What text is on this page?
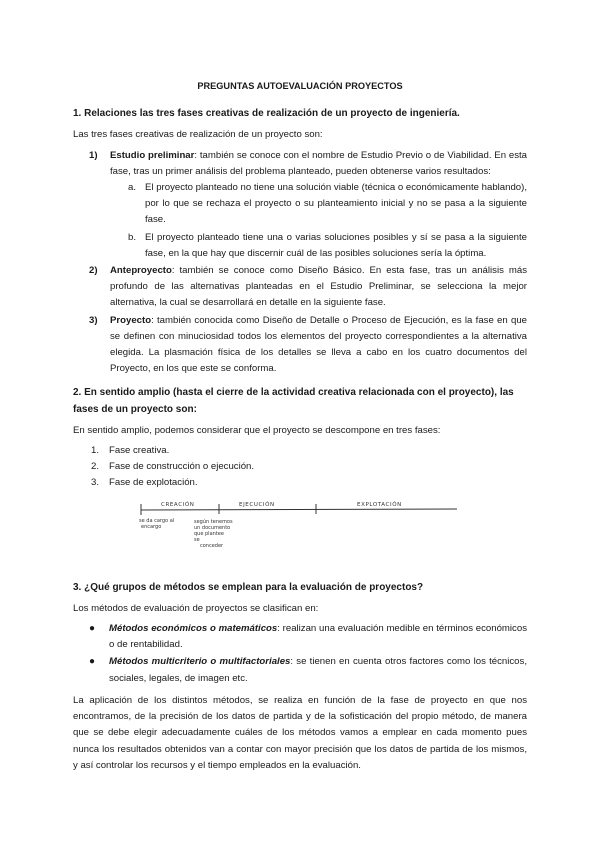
PREGUNTAS AUTOEVALUACIÓN PROYECTOS
1. Relaciones las tres fases creativas de realización de un proyecto de ingeniería.

Las tres fases creativas de realización de un proyecto son:

1) Estudio preliminar: también se conoce con el nombre de Estudio Previo o de Viabilidad. En esta fase, tras un primer análisis del problema planteado, pueden obtenerse varios resultados:
a. El proyecto planteado no tiene una solución viable (técnica o económicamente hablando), por lo que se rechaza el proyecto o su planteamiento inicial y no se pasa a la siguiente fase.
b. El proyecto planteado tiene una o varias soluciones posibles y sí se pasa a la siguiente fase, en la que hay que discernir cuál de las posibles soluciones sería la óptima.
2) Anteproyecto: también se conoce como Diseño Básico. En esta fase, tras un análisis más profundo de las alternativas planteadas en el Estudio Preliminar, se selecciona la mejor alternativa, la cual se desarrollará en detalle en la siguiente fase.
3) Proyecto: también conocida como Diseño de Detalle o Proceso de Ejecución, es la fase en que se definen con minuciosidad todos los elementos del proyecto correspondientes a la alternativa elegida. La plasmación física de los detalles se lleva a cabo en los cuatro documentos del Proyecto, en los que este se conforma.
2. En sentido amplio (hasta el cierre de la actividad creativa relacionada con el proyecto), las fases de un proyecto son:

En sentido amplio, podemos considerar que el proyecto se descompone en tres fases:

1. Fase creativa.
2. Fase de construcción o ejecución.
3. Fase de explotación.
CREACIÓN	EJECUCIÓN	EXPLOTACIÓN
se da cargo al
encargo
según tenemos
un documento
que plantee
se
conceder
3. ¿Qué grupos de métodos se emplean para la evaluación de proyectos?

Los métodos de evaluación de proyectos se clasifican en:

● Métodos económicos o matemáticos: realizan una evaluación medible en términos económicos o de rentabilidad.
● Métodos multicriterio o multifactoriales: se tienen en cuenta otros factores como los técnicos, sociales, legales, de imagen etc.

La aplicación de los distintos métodos, se realiza en función de la fase de proyecto en que nos encontramos, de la precisión de los datos de partida y de la sofisticación del propio método, de manera que se debe elegir adecuadamente cuáles de los métodos vamos a emplear en cada momento pues nunca los resultados obtenidos van a contar con mayor precisión que los datos de partida de los mismos, y así controlar los recursos y el tiempo empleados en la evaluación.
